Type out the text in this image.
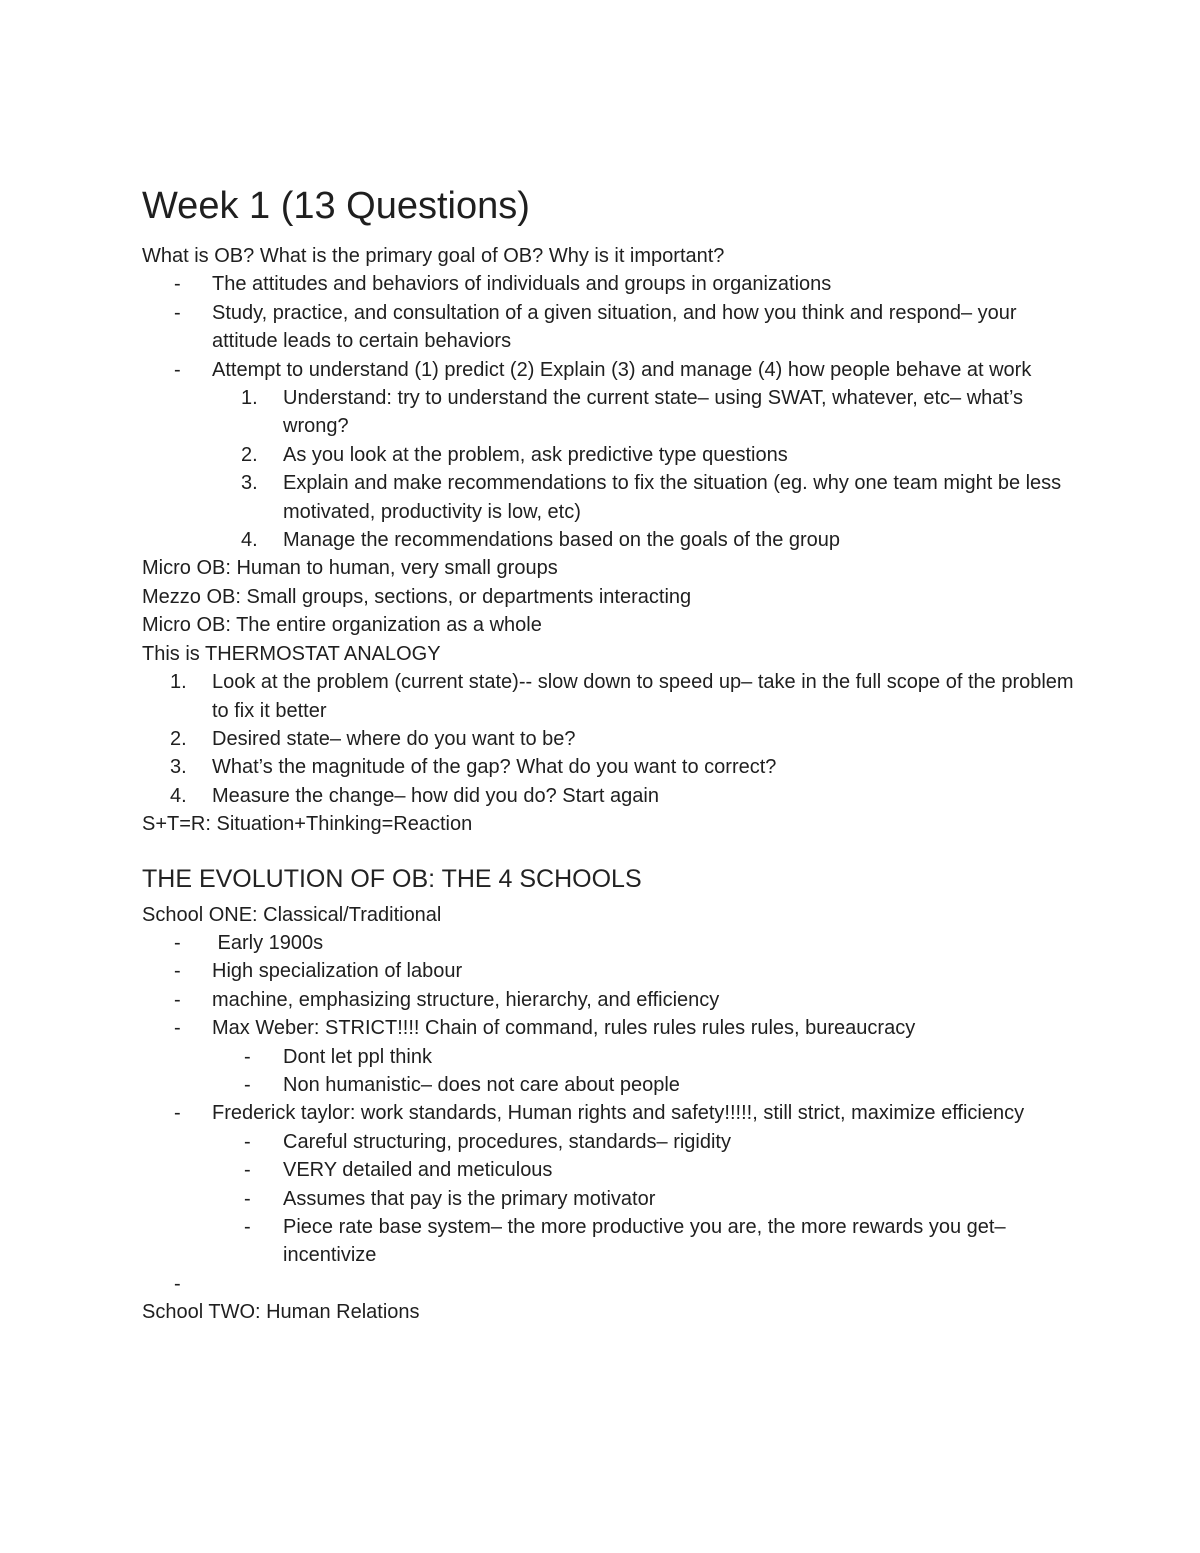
Week 1 (13 Questions)
What is OB? What is the primary goal of OB? Why is it important?
-	The attitudes and behaviors of individuals and groups in organizations
-	Study, practice, and consultation of a given situation, and how you think and respond– your attitude leads to certain behaviors
-	Attempt to understand (1) predict (2) Explain (3) and manage (4) how people behave at work
1.	Understand: try to understand the current state– using SWAT, whatever, etc– what’s wrong?
2.	As you look at the problem, ask predictive type questions
3.	Explain and make recommendations to fix the situation (eg. why one team might be less motivated, productivity is low, etc)
4.	Manage the recommendations based on the goals of the group
Micro OB: Human to human, very small groups
Mezzo OB: Small groups, sections, or departments interacting
Micro OB: The entire organization as a whole
This is THERMOSTAT ANALOGY
1.	Look at the problem (current state)-- slow down to speed up– take in the full scope of the problem to fix it better
2.	Desired state– where do you want to be?
3.	What’s the magnitude of the gap? What do you want to correct?
4.	Measure the change– how did you do? Start again
S+T=R: Situation+Thinking=Reaction
THE EVOLUTION OF OB: THE 4 SCHOOLS
School ONE: Classical/Traditional
-	Early 1900s
-	High specialization of labour
-	machine, emphasizing structure, hierarchy, and efficiency
-	Max Weber: STRICT!!!! Chain of command, rules rules rules rules, bureaucracy
-	Dont let ppl think
-	Non humanistic– does not care about people
-	Frederick taylor: work standards, Human rights and safety!!!!!, still strict, maximize efficiency
-	Careful structuring, procedures, standards– rigidity
-	VERY detailed and meticulous
-	Assumes that pay is the primary motivator
-	Piece rate base system– the more productive you are, the more rewards you get– incentivize
-
School TWO: Human Relations
